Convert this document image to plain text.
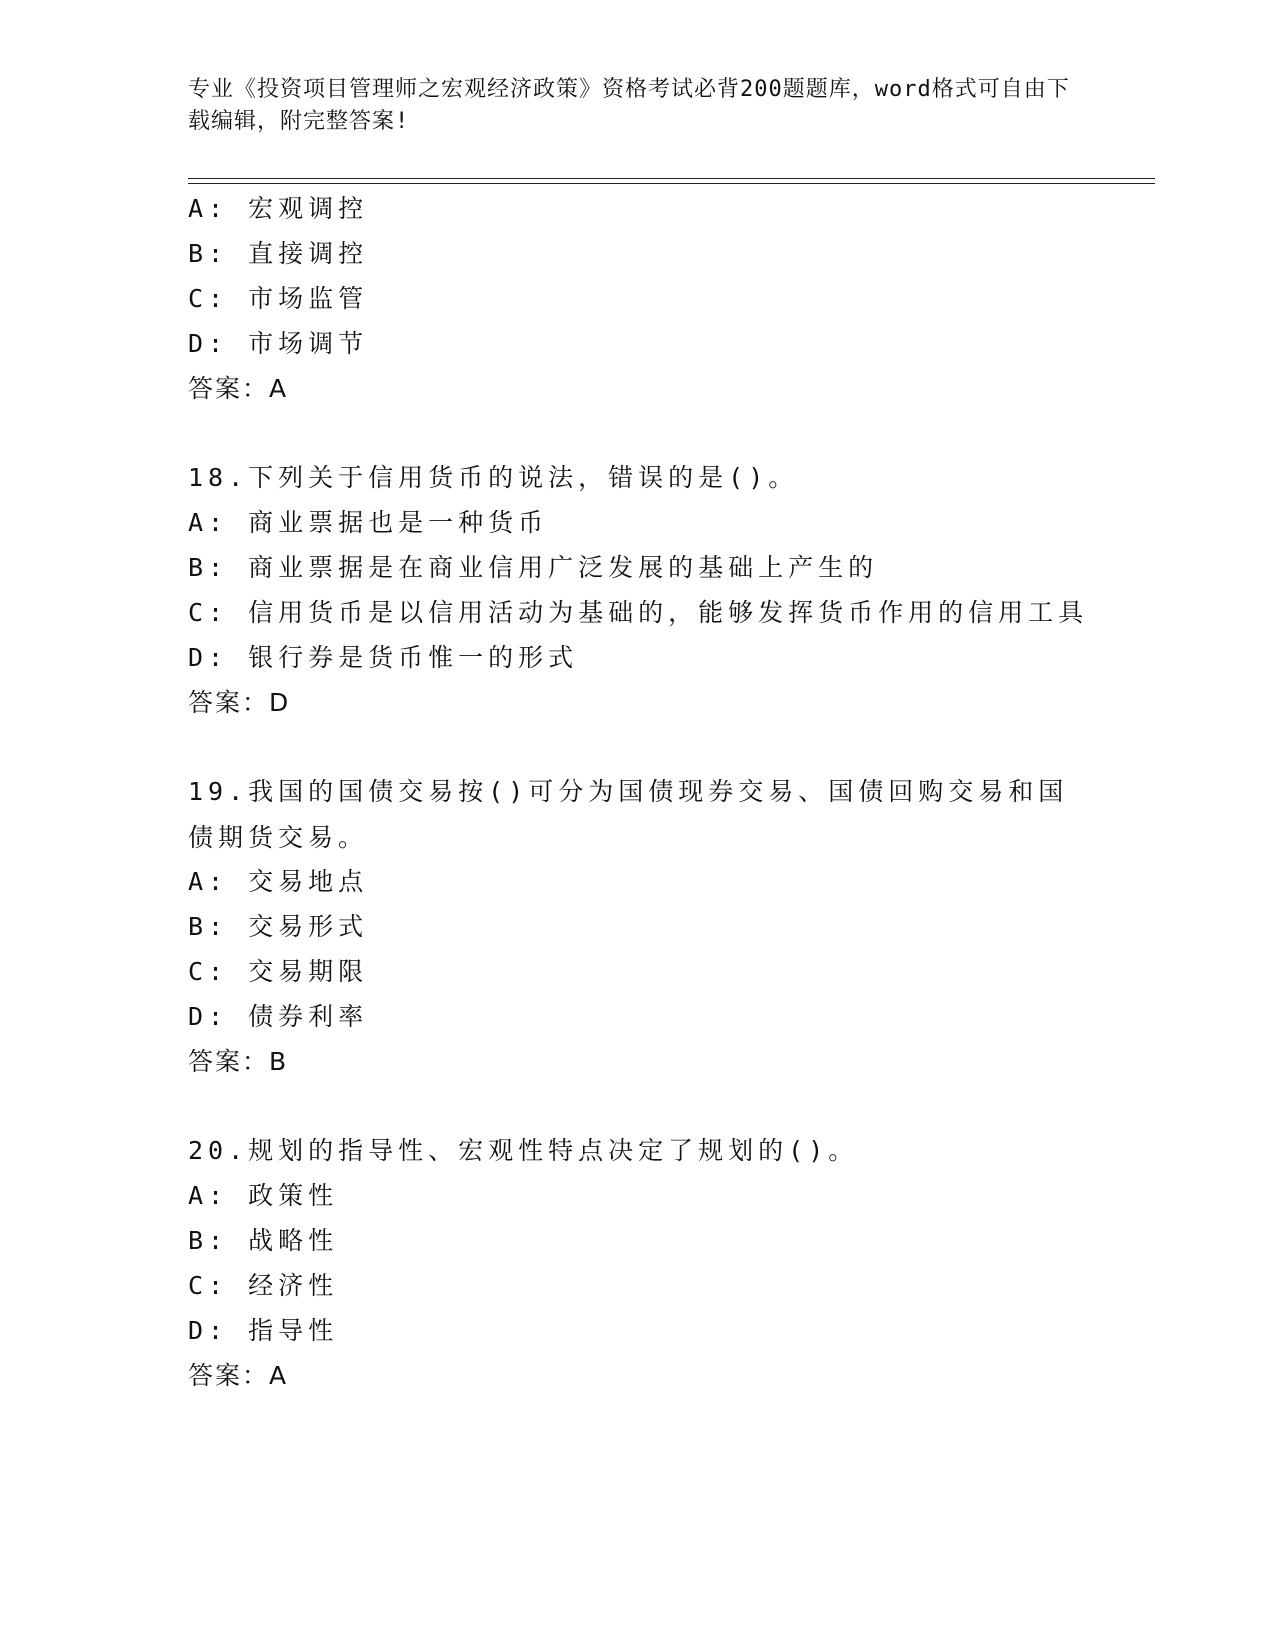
专业《投资项目管理师之宏观经济政策》资格考试必背200题题库，word格式可自由下载编辑，附完整答案!
A: 宏观调控
B: 直接调控
C: 市场监管
D: 市场调节
答案：A
18.下列关于信用货币的说法，错误的是()。
A: 商业票据也是一种货币
B: 商业票据是在商业信用广泛发展的基础上产生的
C: 信用货币是以信用活动为基础的，能够发挥货币作用的信用工具
D: 银行券是货币惟一的形式
答案：D
19.我国的国债交易按()可分为国债现券交易、国债回购交易和国债期货交易。
A: 交易地点
B: 交易形式
C: 交易期限
D: 债券利率
答案：B
20.规划的指导性、宏观性特点决定了规划的()。
A: 政策性
B: 战略性
C: 经济性
D: 指导性
答案：A
